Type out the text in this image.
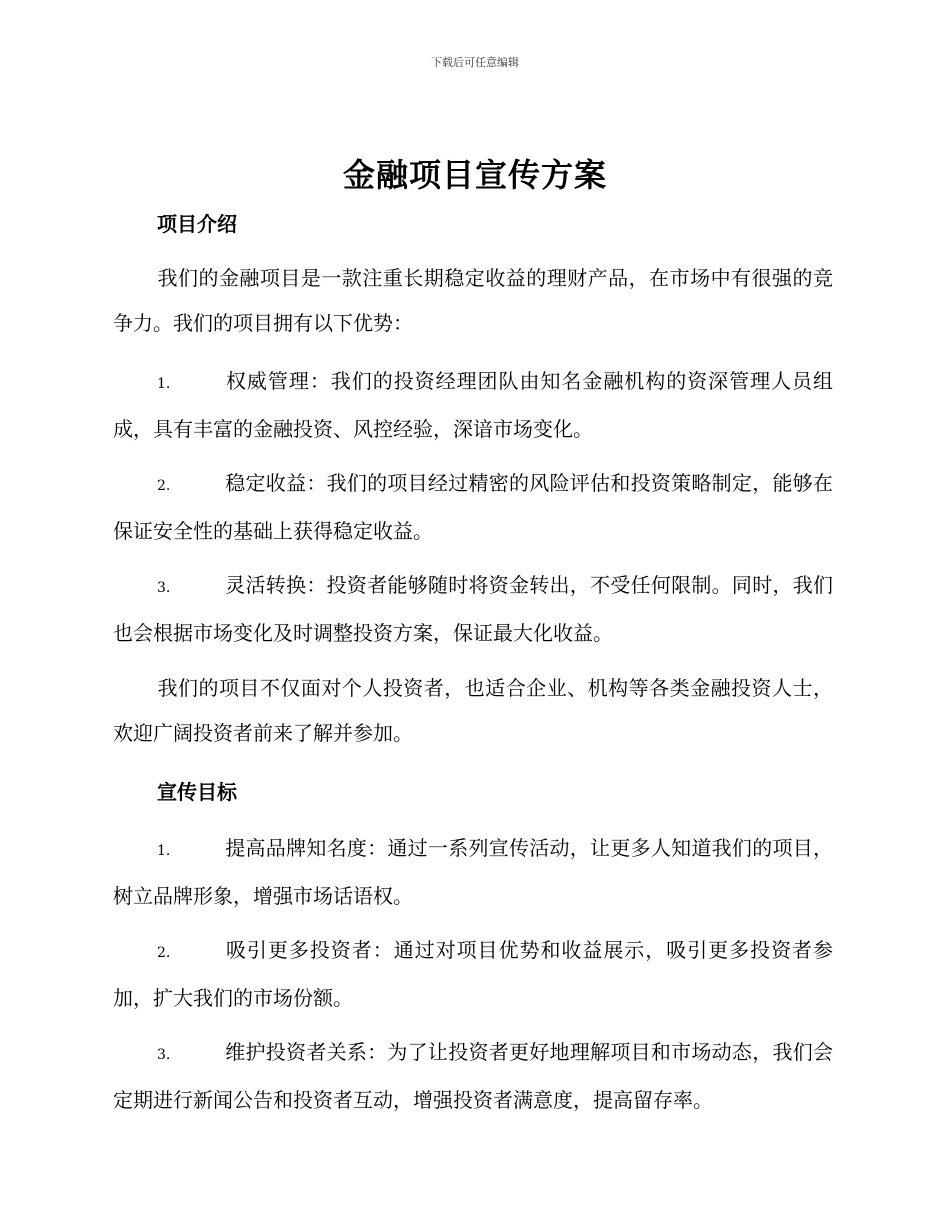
下载后可任意编辑
金融项目宣传方案
项目介绍
我们的金融项目是一款注重长期稳定收益的理财产品，在市场中有很强的竞争力。我们的项目拥有以下优势：
1.	权威管理：我们的投资经理团队由知名金融机构的资深管理人员组成，具有丰富的金融投资、风控经验，深谙市场变化。
2.	稳定收益：我们的项目经过精密的风险评估和投资策略制定，能够在保证安全性的基础上获得稳定收益。
3.	灵活转换：投资者能够随时将资金转出，不受任何限制。同时，我们也会根据市场变化及时调整投资方案，保证最大化收益。
我们的项目不仅面对个人投资者，也适合企业、机构等各类金融投资人士，欢迎广阔投资者前来了解并参加。
宣传目标
1.	提高品牌知名度：通过一系列宣传活动，让更多人知道我们的项目，树立品牌形象，增强市场话语权。
2.	吸引更多投资者：通过对项目优势和收益展示，吸引更多投资者参加，扩大我们的市场份额。
3.	维护投资者关系：为了让投资者更好地理解项目和市场动态，我们会定期进行新闻公告和投资者互动，增强投资者满意度，提高留存率。
